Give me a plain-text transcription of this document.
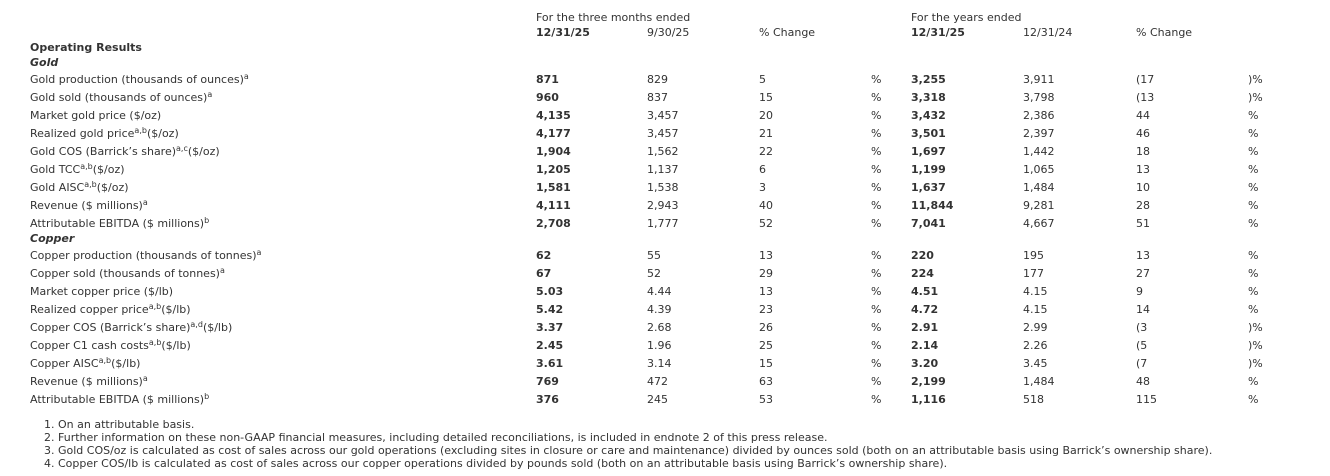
For the three months ended	For the years ended
12/31/25	9/30/25	% Change	12/31/25	12/31/24	% Change
Operating Results
Gold
Gold production (thousands of ounces)$^a$	871	829	5	%	3,255	3,911	(17	)%
Gold sold (thousands of ounces)$^a$	960	837	15	%	3,318	3,798	(13	)%
Market gold price ($/oz)	4,135	3,457	20	%	3,432	2,386	44	%
Realized gold price$^{a,b}$($/oz)	4,177	3,457	21	%	3,501	2,397	46	%
Gold COS (Barrick’s share)$^{a,c}$($/oz)	1,904	1,562	22	%	1,697	1,442	18	%
Gold TCC$^{a,b}$($/oz)	1,205	1,137	6	%	1,199	1,065	13	%
Gold AISC$^{a,b}$($/oz)	1,581	1,538	3	%	1,637	1,484	10	%
Revenue ($ millions)$^a$	4,111	2,943	40	%	11,844	9,281	28	%
Attributable EBITDA ($ millions)$^b$	2,708	1,777	52	%	7,041	4,667	51	%
Copper
Copper production (thousands of tonnes)$^a$	62	55	13	%	220	195	13	%
Copper sold (thousands of tonnes)$^a$	67	52	29	%	224	177	27	%
Market copper price ($/lb)	5.03	4.44	13	%	4.51	4.15	9	%
Realized copper price$^{a,b}$($/lb)	5.42	4.39	23	%	4.72	4.15	14	%
Copper COS (Barrick’s share)$^{a,d}$($/lb)	3.37	2.68	26	%	2.91	2.99	(3	)%
Copper C1 cash costs$^{a,b}$($/lb)	2.45	1.96	25	%	2.14	2.26	(5	)%
Copper AISC$^{a,b}$($/lb)	3.61	3.14	15	%	3.20	3.45	(7	)%
Revenue ($ millions)$^a$	769	472	63	%	2,199	1,484	48	%
Attributable EBITDA ($ millions)$^b$	376	245	53	%	1,116	518	115	%
1. On an attributable basis.
2. Further information on these non-GAAP financial measures, including detailed reconciliations, is included in endnote 2 of this press release.
3. Gold COS/oz is calculated as cost of sales across our gold operations (excluding sites in closure or care and maintenance) divided by ounces sold (both on an attributable basis using Barrick’s ownership share).
4. Copper COS/lb is calculated as cost of sales across our copper operations divided by pounds sold (both on an attributable basis using Barrick’s ownership share).
